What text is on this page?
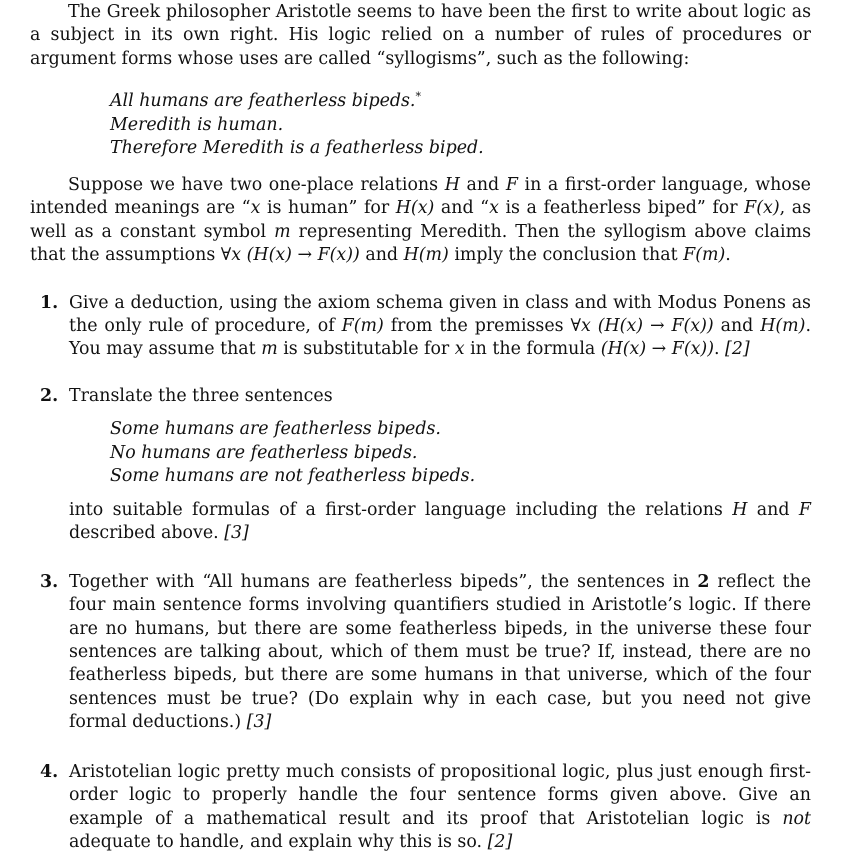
The Greek philosopher Aristotle seems to have been the first to write about logic as a subject in its own right. His logic relied on a number of rules of procedures or argument forms whose uses are called “syllogisms”, such as the following:

All humans are featherless bipeds.*
Meredith is human.
Therefore Meredith is a featherless biped.

Suppose we have two one-place relations H and F in a first-order language, whose intended meanings are “x is human” for H(x) and “x is a featherless biped” for F(x), as well as a constant symbol m representing Meredith. Then the syllogism above claims that the assumptions ∀x (H(x) → F(x)) and H(m) imply the conclusion that F(m).

1. Give a deduction, using the axiom schema given in class and with Modus Ponens as the only rule of procedure, of F(m) from the premisses ∀x (H(x) → F(x)) and H(m). You may assume that m is substitutable for x in the formula (H(x) → F(x)). [2]

2. Translate the three sentences

Some humans are featherless bipeds.
No humans are featherless bipeds.
Some humans are not featherless bipeds.

into suitable formulas of a first-order language including the relations H and F described above. [3]

3. Together with “All humans are featherless bipeds”, the sentences in 2 reflect the four main sentence forms involving quantifiers studied in Aristotle’s logic. If there are no humans, but there are some featherless bipeds, in the universe these four sentences are talking about, which of them must be true? If, instead, there are no featherless bipeds, but there are some humans in that universe, which of the four sentences must be true? (Do explain why in each case, but you need not give formal deductions.) [3]

4. Aristotelian logic pretty much consists of propositional logic, plus just enough first-order logic to properly handle the four sentence forms given above. Give an example of a mathematical result and its proof that Aristotelian logic is not adequate to handle, and explain why this is so. [2]
